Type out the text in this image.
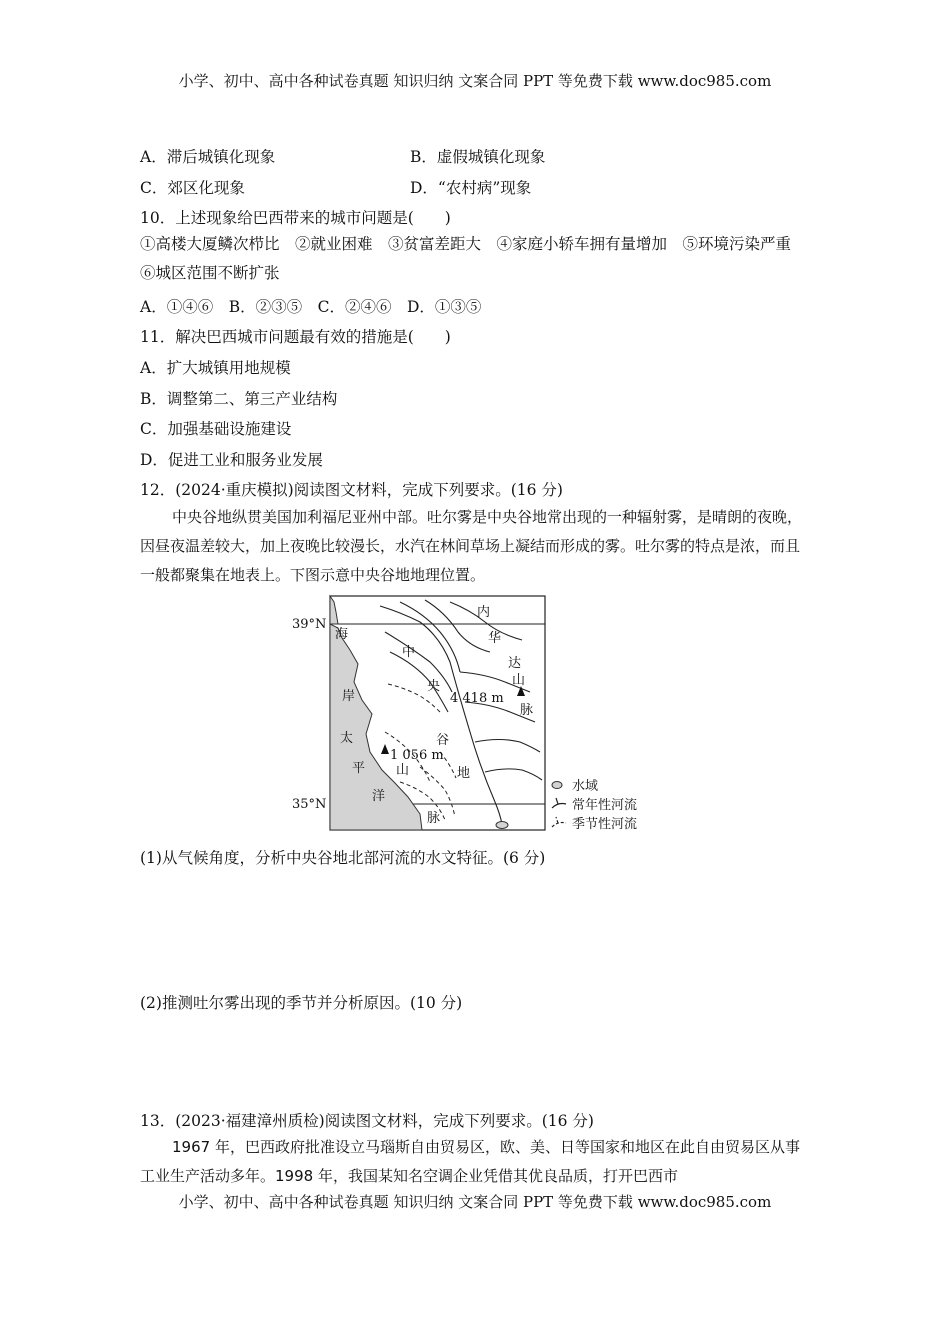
小学、初中、高中各种试卷真题 知识归纳 文案合同 PPT 等免费下载 www.doc985.com
A．滞后城镇化现象	B．虚假城镇化现象
C．郊区化现象	D．“农村病”现象
10．上述现象给巴西带来的城市问题是(　　)
①高楼大厦鳞次栉比　②就业困难　③贫富差距大　④家庭小轿车拥有量增加　⑤环境污染严重　⑥城区范围不断扩张
A．①④⑥　B．②③⑤　C．②④⑥　D．①③⑤
11．解决巴西城市问题最有效的措施是(　　)
A．扩大城镇用地规模
B．调整第二、第三产业结构
C．加强基础设施建设
D．促进工业和服务业发展
12．(2024·重庆模拟)阅读图文材料，完成下列要求。(16 分)
中央谷地纵贯美国加利福尼亚州中部。吐尔雾是中央谷地常出现的一种辐射雾，是晴朗的夜晚，因昼夜温差较大，加上夜晚比较漫长，水汽在林间草场上凝结而形成的雾。吐尔雾的特点是浓，而且一般都聚集在地表上。下图示意中央谷地地理位置。
39°N
35°N
海
岸
太
平
洋
山
脉
中
央
谷
地
内
华
达
山
脉
4 418 m
1 056 m
水域
常年性河流
季节性河流
(1)从气候角度，分析中央谷地北部河流的水文特征。(6 分)
(2)推测吐尔雾出现的季节并分析原因。(10 分)
13．(2023·福建漳州质检)阅读图文材料，完成下列要求。(16 分)
1967 年，巴西政府批准设立马瑙斯自由贸易区，欧、美、日等国家和地区在此自由贸易区从事工业生产活动多年。1998 年，我国某知名空调企业凭借其优良品质，打开巴西市
小学、初中、高中各种试卷真题 知识归纳 文案合同 PPT 等免费下载 www.doc985.com
